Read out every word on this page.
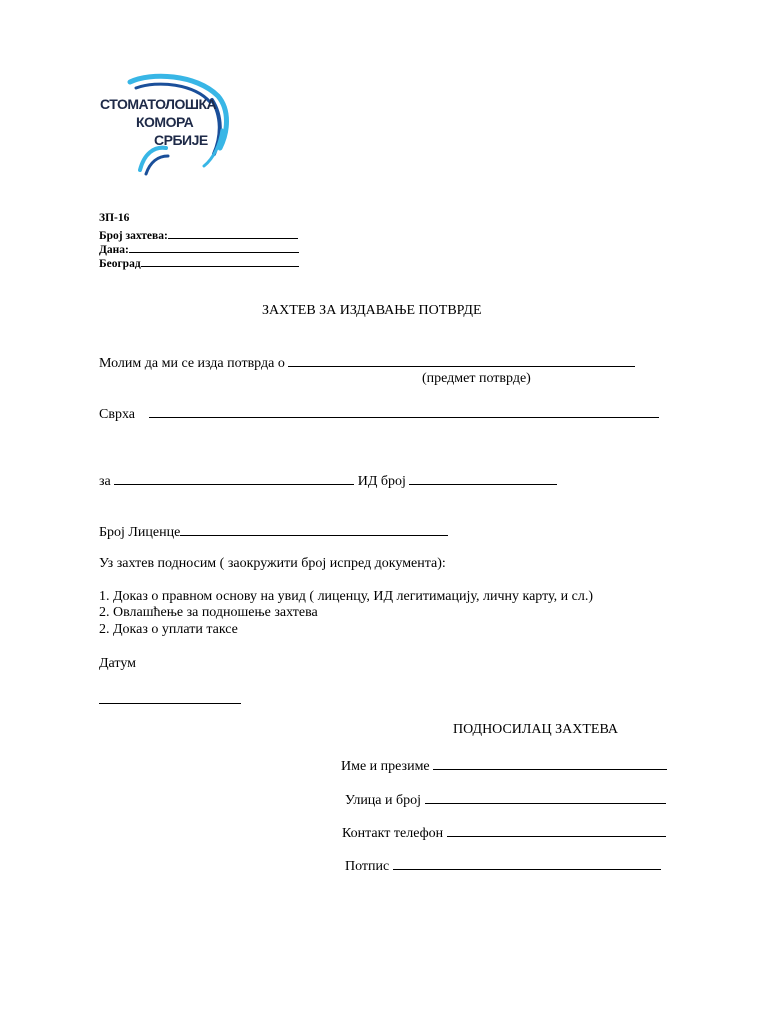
СТОМАТОЛОШКА
КОМОРА
СРБИЈЕ
ЗП-16
Број захтева:
Дана:
Београд
ЗАХТЕВ ЗА ИЗДАВАЊЕ ПОТВРДЕ
Молим да ми се изда потврда о
(предмет потврде)
Сврха
за	ИД број
Број Лиценце
Уз захтев подносим ( заокружити број испред документа):
1. Доказ о правном основу на увид ( лиценцу, ИД легитимацију, личну карту, и сл.)
2. Овлашћење за подношење захтева
2. Доказ о уплати таксе
Датум
ПОДНОСИЛАЦ ЗАХТЕВА
Име и презиме
Улица и број
Контакт телефон
Потпис
